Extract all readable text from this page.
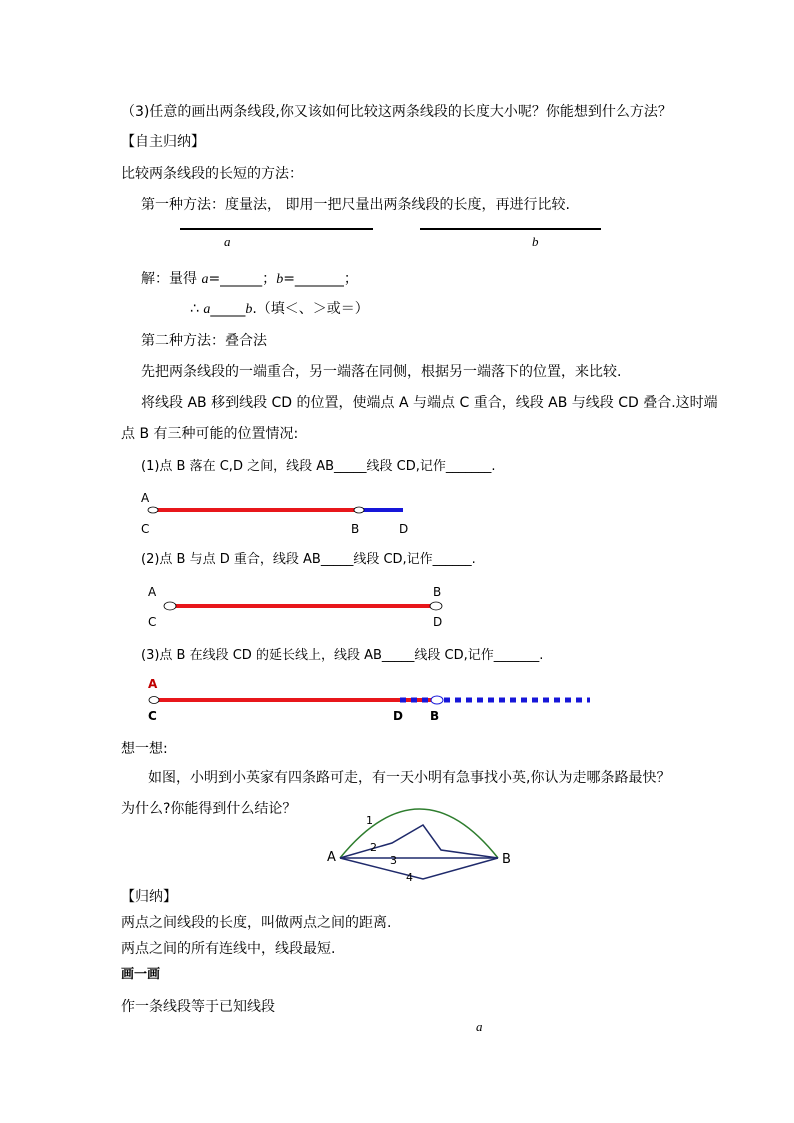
（3)任意的画出两条线段,你又该如何比较这两条线段的长度大小呢？你能想到什么方法？
【自主归纳】
比较两条线段的长短的方法：
第一种方法：度量法， 即用一把尺量出两条线段的长度，再进行比较.
a	b
解：量得 a=______；b=_______；
∴ a_____b.（填＜、＞或＝）
第二种方法：叠合法
先把两条线段的一端重合，另一端落在同侧，根据另一端落下的位置，来比较.
将线段 AB 移到线段 CD 的位置，使端点 A 与端点 C 重合，线段 AB 与线段 CD 叠合.这时端
点 B 有三种可能的位置情况:
(1)点 B 落在 C,D 之间，线段 AB_____线段 CD,记作_______.
A
C	B	D
(2)点 B 与点 D 重合，线段 AB_____线段 CD,记作______.
A
C
B
D
(3)点 B 在线段 CD 的延长线上，线段 AB_____线段 CD,记作_______.
A
C	D B
想一想:
如图，小明到小英家有四条路可走，有一天小明有急事找小英,你认为走哪条路最快？
为什么?你能得到什么结论？
A	B
1
2
3
4
【归纳】
两点之间线段的长度，叫做两点之间的距离.
两点之间的所有连线中，线段最短.
画一画
作一条线段等于已知线段
a
